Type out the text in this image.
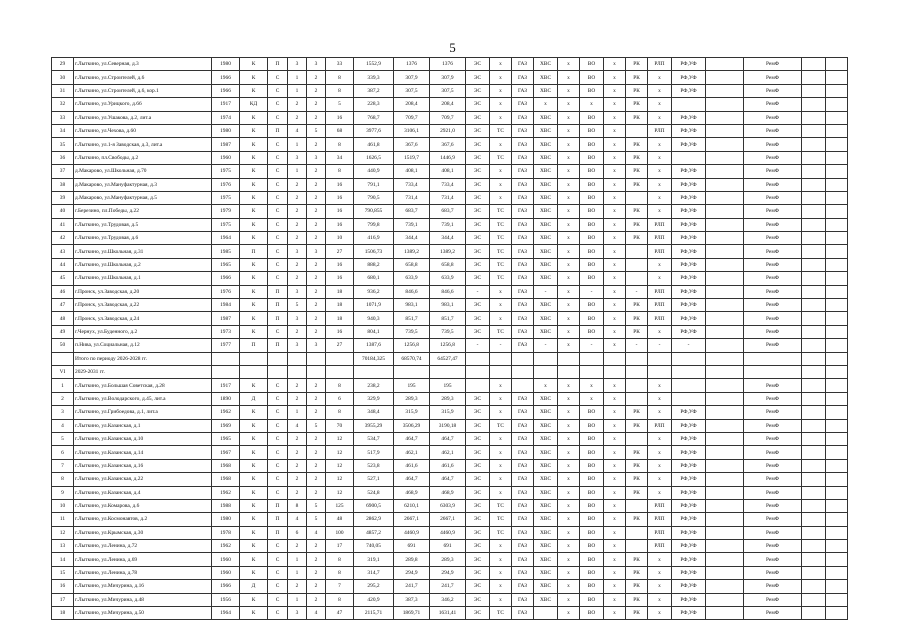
5
29	г.Лыткино, ул.Северная, д.3	1980	К	П	3	3	33	1552,9	1376	1376	ЭС	х	ГАЗ	ХВС	х	ВО	х	РК	РЛП	РФ,УФ		РемФ		
30	г.Лыткино, ул.Строителей, д.6	1966	К	С	1	2	8	339,3	307,9	307,9	ЭС	х	ГАЗ	ХВС	х	ВО	х	РК	х	РФ,УФ		РемФ		
31	г.Лыткино, ул.Строителей, д.6, кор.1	1966	К	С	1	2	8	387,2	307,5	307,5	ЭС	х	ГАЗ	ХВС	х	ВО	х	РК	х	РФ,УФ		РемФ		
32	г.Лыткино, ул.Урицкого, д.66	1917	КД	С	2	2	5	228,3	208,4	208,4	ЭС	х	ГАЗ	х	х	х	х	РК	х			РемФ		
33	г.Лыткино, ул.Ушакова, д.2, лит.а	1974	К	С	2	2	16	768,7	709,7	709,7	ЭС	х	ГАЗ	ХВС	х	ВО	х	РК	х	РФ,УФ		РемФ		
34	г.Лыткино, ул.Чехова, д.60	1980	К	П	4	5	68	3977,6	3106,1	2921,0	ЭС	ТС	ГАЗ	ХВС	х	ВО	х		РЛП	РФ,УФ		РемФ		
35	г.Лыткино, ул.1-я Заводская, д.3, лит.а	1987	К	С	1	2	8	461,8	367,6	367,6	ЭС	х	ГАЗ	ХВС	х	ВО	х	РК	х	РФ,УФ		РемФ		
36	г.Лыткино, пл.Свободы, д.2	1960	К	С	3	3	34	1626,5	1519,7	1446,9	ЭС	ТС	ГАЗ	ХВС	х	ВО	х	РК	х			РемФ		
37	д.Макарово, ул.Школьная, д.70	1975	К	С	1	2	8	440,9	408,1	408,1	ЭС	х	ГАЗ	ХВС	х	ВО	х	РК	х	РФ,УФ		РемФ		
38	д.Макарово, ул.Мануфактурная, д.3	1976	К	С	2	2	16	791,1	733,4	733,4	ЭС	х	ГАЗ	ХВС	х	ВО	х	РК	х	РФ,УФ		РемФ		
39	д.Макарово, ул.Мануфактурная, д.5	1975	К	С	2	2	16	790,5	731,4	731,4	ЭС	х	ГАЗ	ХВС	х	ВО	х		х	РФ,УФ		РемФ		
40	г.Березино, пл.Победы, д.22	1979	К	С	2	2	16	790,855	683,7	683,7	ЭС	ТС	ГАЗ	ХВС	х	ВО	х	РК	х	РФ,УФ		РемФ		
41	г.Лыткино, ул.Трудовая, д.5	1975	К	С	2	2	16	799,8	739,1	739,1	ЭС	ТС	ГАЗ	ХВС	х	ВО	х	РК	РЛП	РФ,УФ		РемФ		
42	г.Лыткино, ул.Трудовая, д.6	1964	К	С	2	2	10	416,9	344,4	344,4	ЭС	ТС	ГАЗ	ХВС	х	ВО	х	РК	РЛП	РФ,УФ		РемФ		
43	г.Лыткино, ул.Школьная, д.31	1985	П	С	3	3	27	1506,73	1389,2	1389,2	ЭС	ТС	ГАЗ	ХВС	х	ВО	х		РЛП	РФ,УФ		РемФ		
44	г.Лыткино, ул.Школьная, д.2	1965	К	С	2	2	16	888,2	658,8	658,8	ЭС	ТС	ГАЗ	ХВС	х	ВО	х		х	РФ,УФ		РемФ		
45	г.Лыткино, ул.Школьная, д.1	1966	К	С	2	2	16	680,1	633,9	633,9	ЭС	ТС	ГАЗ	ХВС	х	ВО	х		х	РФ,УФ		РемФ		
46	г.Пронск, ул.Заводская, д.20	1976	К	П	3	2	18	936,2	846,6	846,6	-	х	ГАЗ	-	х	-	х	-	РЛП	РФ,УФ		РемФ		
47	г.Пронск, ул.Заводская, д.22	1984	К	П	5	2	18	1071,9	983,1	983,1	ЭС	х	ГАЗ	ХВС	х	ВО	х	РК	РЛП	РФ,УФ		РемФ		
48	г.Пронск, ул.Заводская, д.24	1987	К	П	3	2	18	940,3	851,7	851,7	ЭС	х	ГАЗ	ХВС	х	ВО	х	РК	РЛП	РФ,УФ		РемФ		
49	г.Чернух, ул.Буденного, д.2	1973	К	С	2	2	16	804,1	739,5	739,5	ЭС	ТС	ГАЗ	ХВС	х	ВО	х	РК	х	РФ,УФ		РемФ		
50	п.Нива, ул.Социальная, д.12	1977	П	П	3	3	27	1387,6	1256,8	1256,8	-	-	ГАЗ	-	х	-	х	-	-	-		РемФ		
	Итого по периоду 2026-2028 гг.							70184,325	68570,74	64527,47														
VI	2029-2031 гг.																							
1	г.Лыткино, ул.Большая Советская, д.28	1917	К	С	2	2	8	238,2	195	195		х		х	х	х	х		х			РемФ		
2	г.Лыткино, ул.Володарского, д.45, лит.а	1890	Д	С	2	2	6	329,9	289,3	289,3	ЭС	х	ГАЗ	ХВС	х	х	х		х			РемФ		
3	г.Лыткино, ул.Грибоедова, д.1, лит.а	1962	К	С	1	2	8	348,4	315,9	315,9	ЭС	х	ГАЗ	ХВС	х	ВО	х	РК	х	РФ,УФ		РемФ		
4	г.Лыткино, ул.Казанская, д.1	1969	К	С	4	5	70	3955,29	3506,29	3190,18	ЭС	ТС	ГАЗ	ХВС	х	ВО	х	РК	РЛП	РФ,УФ		РемФ		
5	г.Лыткино, ул.Казанская, д.10	1965	К	С	2	2	12	534,7	464,7	464,7	ЭС	х	ГАЗ	ХВС	х	ВО	х		х	РФ,УФ		РемФ		
6	г.Лыткино, ул.Казанская, д.14	1967	К	С	2	2	12	517,9	462,1	462,1	ЭС	х	ГАЗ	ХВС	х	ВО	х	РК	х	РФ,УФ		РемФ		
7	г.Лыткино, ул.Казанская, д.16	1968	К	С	2	2	12	523,8	461,6	461,6	ЭС	х	ГАЗ	ХВС	х	ВО	х	РК	х	РФ,УФ		РемФ		
8	г.Лыткино, ул.Казанская, д.22	1968	К	С	2	2	12	527,1	464,7	464,7	ЭС	х	ГАЗ	ХВС	х	ВО	х	РК	х	РФ,УФ		РемФ		
9	г.Лыткино, ул.Казанская, д.4	1962	К	С	2	2	12	524,8	468,9	468,9	ЭС	х	ГАЗ	ХВС	х	ВО	х	РК	х	РФ,УФ		РемФ		
10	г.Лыткино, ул.Комарова, д.6	1988	К	П	8	5	125	6900,5	6210,1	6303,9	ЭС	ТС	ГАЗ	ХВС	х	ВО	х		РЛП	РФ,УФ		РемФ		
11	г.Лыткино, ул.Космонавтов, д.2	1980	К	П	4	5	48	2862,9	2667,1	2667,1	ЭС	ТС	ГАЗ	ХВС	х	ВО	х	РК	РЛП	РФ,УФ		РемФ		
12	г.Лыткино, ул.Крымская, д.30	1978	К	П	6	4	100	4857,2	4460,9	4460,9	ЭС	ТС	ГАЗ	ХВС	х	ВО	х		РЛП	РФ,УФ		РемФ		
13	г.Лыткино, ул.Ленина, д.72	1962	К	С	2	2	17	740,05	691	691	ЭС	х	ГАЗ	ХВС	х	ВО	х		РЛП	РФ,УФ		РемФ		
14	г.Лыткино, ул.Ленина, д.69	1960	К	С	1	2	8	319,1	289,8	289,3	ЭС	х	ГАЗ	ХВС	х	ВО	х	РК	х	РФ,УФ		РемФ		
15	г.Лыткино, ул.Ленина, д.78	1960	К	С	1	2	8	314,7	294,9	294,9	ЭС	х	ГАЗ	ХВС	х	ВО	х	РК	х	РФ,УФ		РемФ		
16	г.Лыткино, ул.Мичурина, д.16	1966	Д	С	2	2	7	295,2	241,7	241,7	ЭС	х	ГАЗ	ХВС	х	ВО	х	РК	х	РФ,УФ		РемФ		
17	г.Лыткино, ул.Мичурина, д.48	1956	К	С	1	2	8	420,9	387,3	346,2	ЭС	х	ГАЗ	ХВС	х	ВО	х	РК	х	РФ,УФ		РемФ		
18	г.Лыткино, ул.Мичурина, д.50	1964	К	С	3	4	47	2115,71	1869,71	1631,41	ЭС	ТС	ГАЗ		х	ВО	х	РК	х	РФ,УФ		РемФ		
